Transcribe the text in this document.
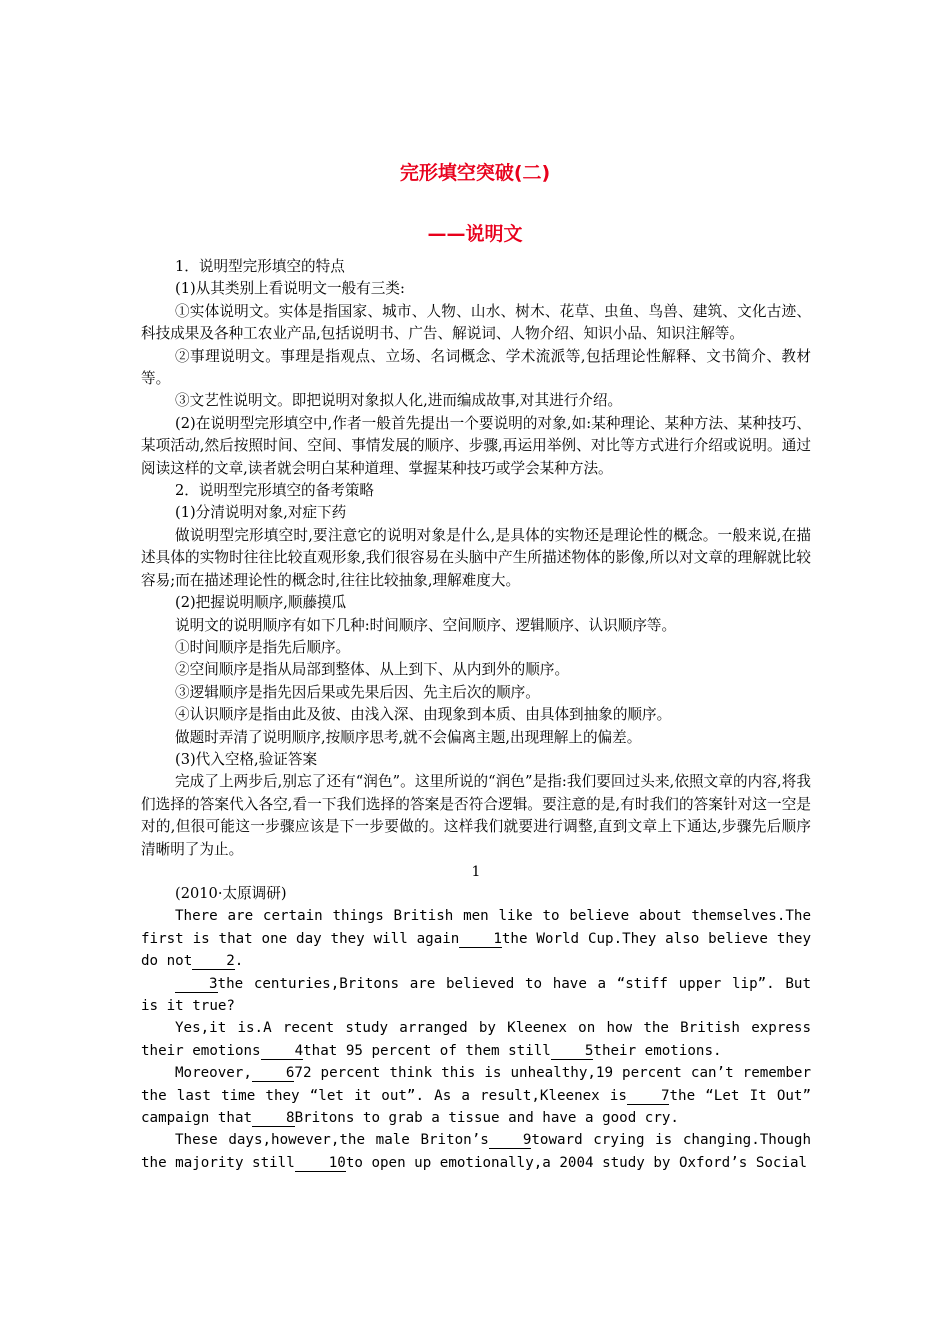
完形填空突破(二)
——说明文

1．说明型完形填空的特点

(1)从其类别上看说明文一般有三类:

①实体说明文。实体是指国家、城市、人物、山水、树木、花草、虫鱼、鸟兽、建筑、文化古迹、科技成果及各种工农业产品,包括说明书、广告、解说词、人物介绍、知识小品、知识注解等。

②事理说明文。事理是指观点、立场、名词概念、学术流派等,包括理论性解释、文书简介、教材等。

③文艺性说明文。即把说明对象拟人化,进而编成故事,对其进行介绍。

(2)在说明型完形填空中,作者一般首先提出一个要说明的对象,如:某种理论、某种方法、某种技巧、某项活动,然后按照时间、空间、事情发展的顺序、步骤,再运用举例、对比等方式进行介绍或说明。通过阅读这样的文章,读者就会明白某种道理、掌握某种技巧或学会某种方法。

2．说明型完形填空的备考策略

(1)分清说明对象,对症下药

做说明型完形填空时,要注意它的说明对象是什么,是具体的实物还是理论性的概念。一般来说,在描述具体的实物时往往比较直观形象,我们很容易在头脑中产生所描述物体的影像,所以对文章的理解就比较容易;而在描述理论性的概念时,往往比较抽象,理解难度大。

(2)把握说明顺序,顺藤摸瓜

说明文的说明顺序有如下几种:时间顺序、空间顺序、逻辑顺序、认识顺序等。

①时间顺序是指先后顺序。

②空间顺序是指从局部到整体、从上到下、从内到外的顺序。

③逻辑顺序是指先因后果或先果后因、先主后次的顺序。

④认识顺序是指由此及彼、由浅入深、由现象到本质、由具体到抽象的顺序。

做题时弄清了说明顺序,按顺序思考,就不会偏离主题,出现理解上的偏差。

(3)代入空格,验证答案

完成了上两步后,别忘了还有“润色”。这里所说的“润色”是指:我们要回过头来,依照文章的内容,将我们选择的答案代入各空,看一下我们选择的答案是否符合逻辑。要注意的是,有时我们的答案针对这一空是对的,但很可能这一步骤应该是下一步要做的。这样我们就要进行调整,直到文章上下通达,步骤先后顺序清晰明了为止。

1

(2010·太原调研)

There are certain things British men like to believe about themselves.The first is that one day they will again 1the World Cup.They also believe they do not 2.

3the centuries,Britons are believed to have a “stiff upper lip”. But is it true?

Yes,it is.A recent study arranged by Kleenex on how the British express their emotions 4that 95 percent of them still 5their emotions.

Moreover, 672 percent think this is unhealthy,19 percent can’t remember the last time they “let it out”. As a result,Kleenex is 7the “Let It Out” campaign that 8Britons to grab a tissue and have a good cry.

These days,however,the male Briton’s 9toward crying is changing.Though the majority still 10to open up emotionally,a 2004 study by Oxford’s Social
